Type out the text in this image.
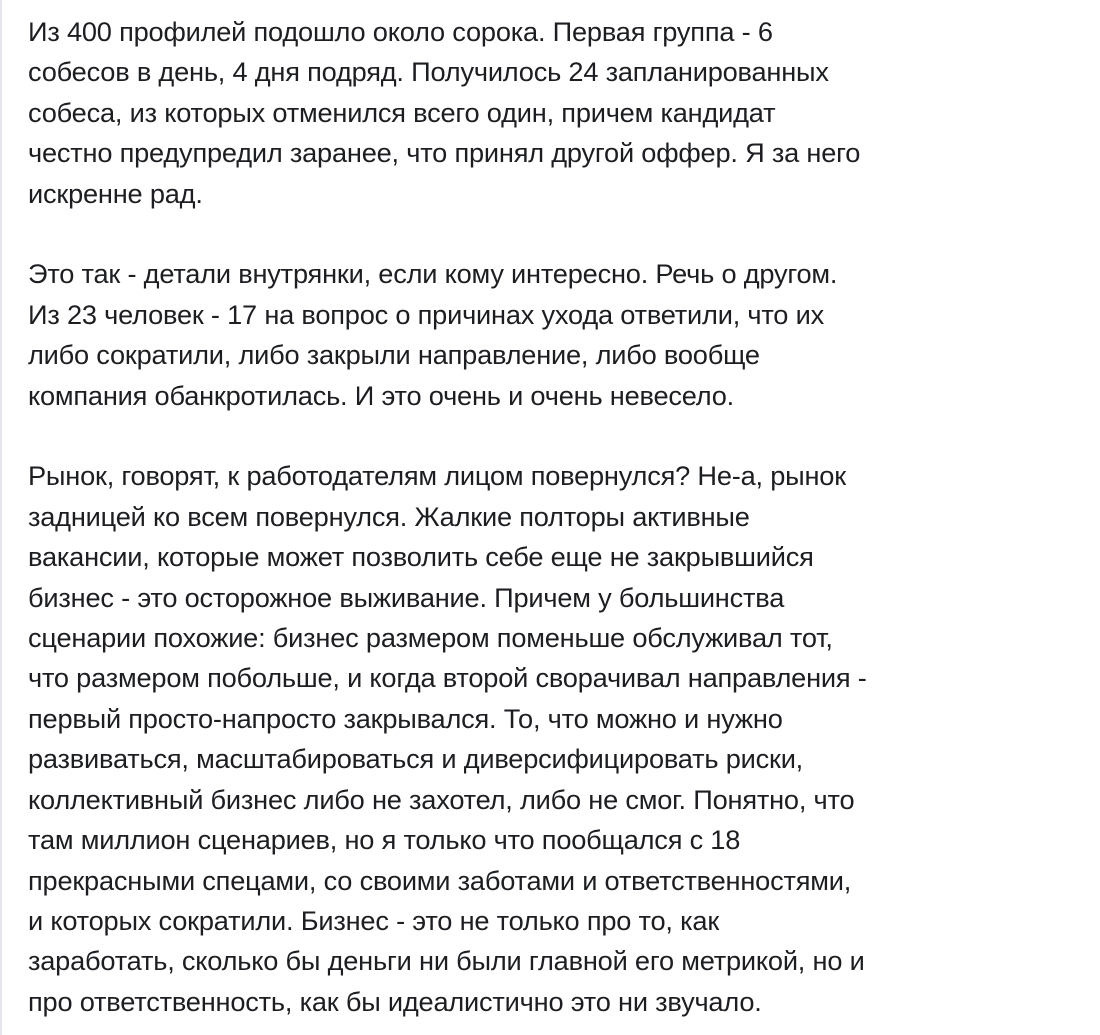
Из 400 профилей подошло около сорока. Первая группа - 6
собесов в день, 4 дня подряд. Получилось 24 запланированных
собеса, из которых отменился всего один, причем кандидат
честно предупредил заранее, что принял другой оффер. Я за него
искренне рад.

Это так - детали внутрянки, если кому интересно. Речь о другом.
Из 23 человек - 17 на вопрос о причинах ухода ответили, что их
либо сократили, либо закрыли направление, либо вообще
компания обанкротилась. И это очень и очень невесело.

Рынок, говорят, к работодателям лицом повернулся? Не-а, рынок
задницей ко всем повернулся. Жалкие полторы активные
вакансии, которые может позволить себе еще не закрывшийся
бизнес - это осторожное выживание. Причем у большинства
сценарии похожие: бизнес размером поменьше обслуживал тот,
что размером побольше, и когда второй сворачивал направления -
первый просто-напросто закрывался. То, что можно и нужно
развиваться, масштабироваться и диверсифицировать риски,
коллективный бизнес либо не захотел, либо не смог. Понятно, что
там миллион сценариев, но я только что пообщался с 18
прекрасными спецами, со своими заботами и ответственностями,
и которых сократили. Бизнес - это не только про то, как
заработать, сколько бы деньги ни были главной его метрикой, но и
про ответственность, как бы идеалистично это ни звучало.
